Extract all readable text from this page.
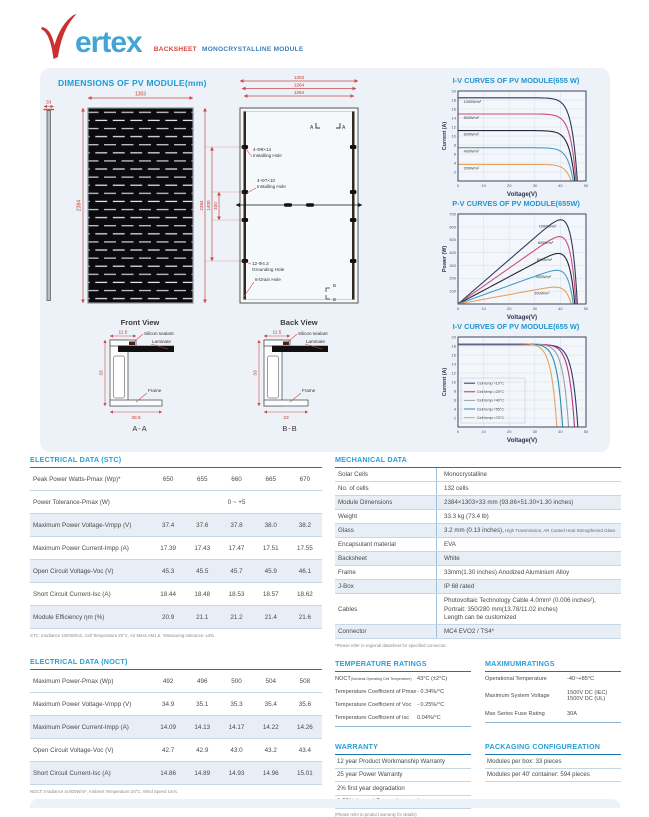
ertex BACKSHEET MONOCRYSTALLINE MODULE
DIMENSIONS OF PV MODULE(mm)
33
1303
2384
Front View
1303
1264
1264
A	A
B
B
2384 1400 400
4-Φ9×14
Installing Hole
4-Φ7×10
Installing Hole
12-Φ4.3
Grounding Hole
8-Drain Hole
Back View
11.5
33
28.5
A-A
Silicon sealant
Laminate
Frame
11.5
33
23
B-B
Silicon sealant
Laminate
Frame
I-V CURVES OF PV MODULE(655 W)
1000W/m²
800W/m²
600W/m²
400W/m²
200W/m²
0	10	20	30	40	50
2
4
6
8
10
12
14
16
18
20
Voltage(V)
Current (A)
P-V CURVES OF PV MODULE(655W)
1000W/m²
800W/m²
600W/m²
400W/m²
200W/m²
0	10	20	30	40	50
100
200
300
400
500
600
700
Voltage(V)
Power (W)
I-V CURVES OF PV MODULE(655 W)
Cell temp.=10°C
Cell temp.=25°C
Cell temp.=40°C
Cell temp.=55°C
Cell temp.=70°C
0	10	20	30	40	50
2
4
6
8
10
12
14
16
18
20
Voltage(V)
Current (A)
ELECTRICAL DATA (STC)
Peak Power Watts-Pmax (Wp)*	650	655	660	665	670
Power Tolerance-Pmax (W)	0 ~ +5
Maximum Power Voltage-Vmpp (V)	37.4	37.6	37.8	38.0	38.2
Maximum Power Current-Impp (A)	17.39	17.43	17.47	17.51	17.55
Open Circuit Voltage-Voc (V)	45.3	45.5	45.7	45.9	46.1
Short Circuit Current-Isc (A)	18.44	18.48	18.53	18.57	18.62
Module Efficiency ηm (%)	20.9	21.1	21.2	21.4	21.6
STC: Irradiance 1000W/m2, Cell Temperature 25°C, Air Mass AM1.5. *Measuring tolerance: ±3%.
ELECTRICAL DATA (NOCT)
Maximum Power-Pmax (Wp)	492	496	500	504	508
Maximum Power Voltage-Vmpp (V)	34.9	35.1	35.3	35.4	35.6
Maximum Power Current-Impp (A)	14.09	14.13	14.17	14.22	14.26
Open Circuit Voltage-Voc (V)	42.7	42.9	43.0	43.2	43.4
Short Circuit Current-Isc (A)	14.86	14.89	14.93	14.96	15.01
NOCT: Irradiance at 800W/m², Ambient Temperature 20°C, Wind Speed 1m/s.
MECHANICAL DATA
Solar Cells	Monocrystalline
No. of cells	132 cells
Module Dimensions	2384×1303×33 mm (93.86×51.30×1.30 inches)
Weight	33.3 kg (73.4 lb)
Glass	3.2 mm (0.13 inches), High Transmission, AR Coated Heat Strengthened Glass
Encapsulant material	EVA
Backsheet	White
Frame	33mm(1.30 inches) Anodized Aluminium Alloy
J-Box	IP 68 rated
Cables
Photovoltaic Technology Cable 4.0mm² (0.006 inches²),
Portrait: 350/280 mm(13.78/11.02 inches)
Length can be customized
Connector	MC4 EVO2 / TS4*
*Please refer to regional datasheet for specified connector.
TEMPERATURE RATINGS
NOCT(Nominal Operating Cell Temperature) 43°C (±2°C)
Temperature Coefficient of Pmax - 0.34%/°C
Temperature Coefficient of Voc	- 0.25%/°C
Temperature Coefficient of Isc	0.04%/°C
MAXIMUMRATINGS
Operational Temperature	-40~+85°C
Maximum System Voltage	1500V DC (IEC)
1500V DC (UL)
Max Series Fuse Rating	30A
WARRANTY
12 year Product Workmanship Warranty
25 year Power Warranty
2% first year degradation
(Please refer to product warranty for details)
PACKAGING CONFIGUREATION
Modules per box: 33 pieces
Modules per 40' container: 594 pieces
